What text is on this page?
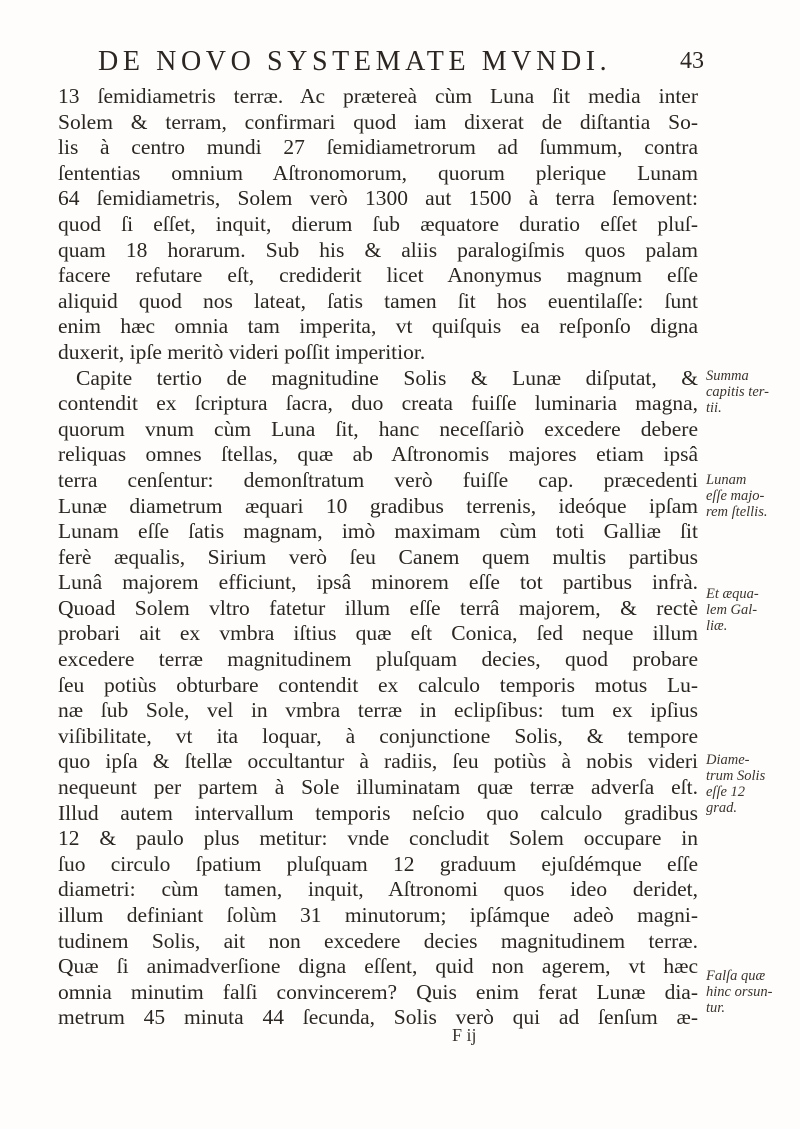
DE NOVO SYSTEMATE MVNDI.	43
13 ſemidiametris terræ. Ac prætereà cùm Luna ſit media inter
Solem & terram, confirmari quod iam dixerat de diſtantia So-
lis à centro mundi 27 ſemidiametrorum ad ſummum, contra
ſententias omnium Aſtronomorum, quorum plerique Lunam
64 ſemidiametris, Solem verò 1300 aut 1500 à terra ſemovent:
quod ſi eſſet, inquit, dierum ſub æquatore duratio eſſet pluſ-
quam 18 horarum. Sub his & aliis paralogiſmis quos palam
facere refutare eſt, crediderit licet Anonymus magnum eſſe
aliquid quod nos lateat, ſatis tamen ſit hos euentilaſſe: ſunt
enim hæc omnia tam imperita, vt quiſquis ea reſponſo digna
duxerit, ipſe meritò videri poſſit imperitior.
Capite tertio de magnitudine Solis & Lunæ diſputat, &
contendit ex ſcriptura ſacra, duo creata fuiſſe luminaria magna,
quorum vnum cùm Luna ſit, hanc neceſſariò excedere debere
reliquas omnes ſtellas, quæ ab Aſtronomis majores etiam ipsâ
terra cenſentur: demonſtratum verò fuiſſe cap. præcedenti
Lunæ diametrum æquari 10 gradibus terrenis, ideóque ipſam
Lunam eſſe ſatis magnam, imò maximam cùm toti Galliæ ſit
ferè æqualis, Sirium verò ſeu Canem quem multis partibus
Lunâ majorem efficiunt, ipsâ minorem eſſe tot partibus infrà.
Quoad Solem vltro fatetur illum eſſe terrâ majorem, & rectè
probari ait ex vmbra iſtius quæ eſt Conica, ſed neque illum
excedere terræ magnitudinem pluſquam decies, quod probare
ſeu potiùs obturbare contendit ex calculo temporis motus Lu-
næ ſub Sole, vel in vmbra terræ in eclipſibus: tum ex ipſius
viſibilitate, vt ita loquar, à conjunctione Solis, & tempore
quo ipſa & ſtellæ occultantur à radiis, ſeu potiùs à nobis videri
nequeunt per partem à Sole illuminatam quæ terræ adverſa eſt.
Illud autem intervallum temporis neſcio quo calculo gradibus
12 & paulo plus metitur: vnde concludit Solem occupare in
ſuo circulo ſpatium pluſquam 12 graduum ejuſdémque eſſe
diametri: cùm tamen, inquit, Aſtronomi quos ideo deridet,
illum definiant ſolùm 31 minutorum; ipſámque adeò magni-
tudinem Solis, ait non excedere decies magnitudinem terræ.
Quæ ſi animadverſione digna eſſent, quid non agerem, vt hæc
omnia minutim falſi convincerem? Quis enim ferat Lunæ dia-
metrum 45 minuta 44 ſecunda, Solis verò qui ad ſenſum æ-
F ij
Summa
capitis ter-
tii.
Lunam
eſſe majo-
rem ſtellis.
Et æqua-
lem Gal-
liæ.
Diame-
trum Solis
eſſe 12
grad.
Falſa quæ
hinc orsun-
tur.
